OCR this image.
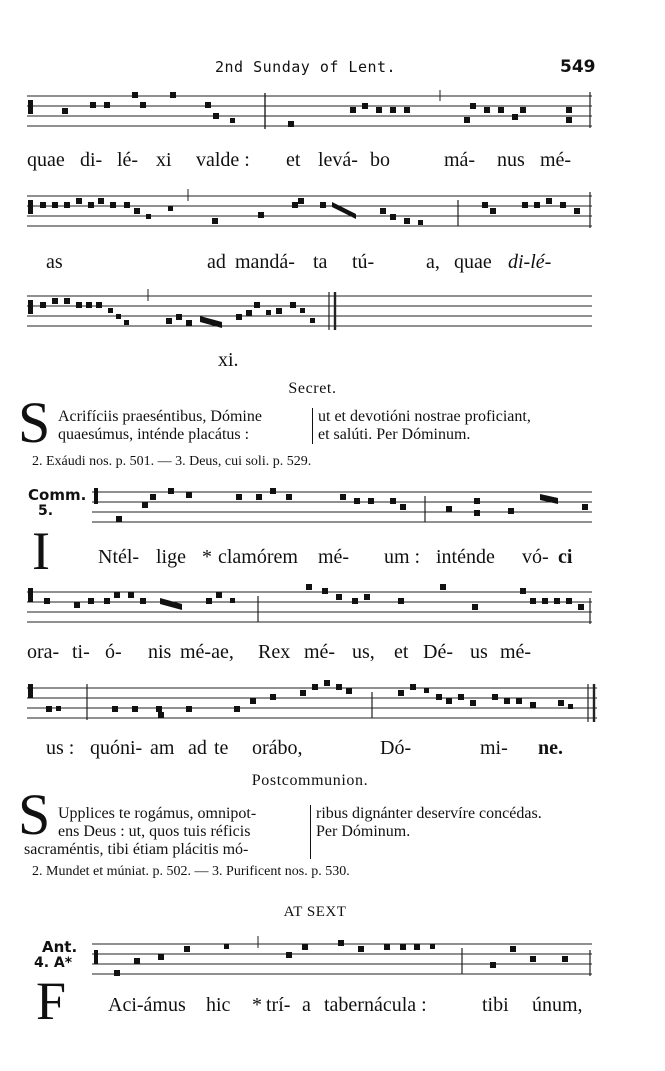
2nd Sunday of Lent.	549
quae di- lé- xi valde : et levá- bo	má- nus mé-
as	ad mandá- ta tú-	a, quae di-lé-
xi.
Secret.
S Acrifíciis praeséntibus, Dómine
quaesúmus, inténde placátus :
ut et devotióni nostrae proficiant,
et salúti. Per Dóminum.
2. Exáudi nos. p. 501. — 3. Deus, cui soli. p. 529.
Comm.
5.
I Ntél- lige * clamórem mé- um : inténde vó- ci
ora- ti- ó- nis mé-ae, Rex mé- us, et Dé- us mé-
us : quóni- am ad te orábo,	Dó-	mi- ne.
Postcommunion.
S Upplices te rogámus, omnipot-
ens Deus : ut, quos tuis réficis
sacraméntis, tibi étiam plácitis mó-
ribus dignánter deservíre concédas.
Per Dóminum.
2. Mundet et múniat. p. 502. — 3. Purificent nos. p. 530.
AT SEXT
Ant.
4. A*
F Aci-ámus hic * trí- a tabernácula :	tibi únum,
